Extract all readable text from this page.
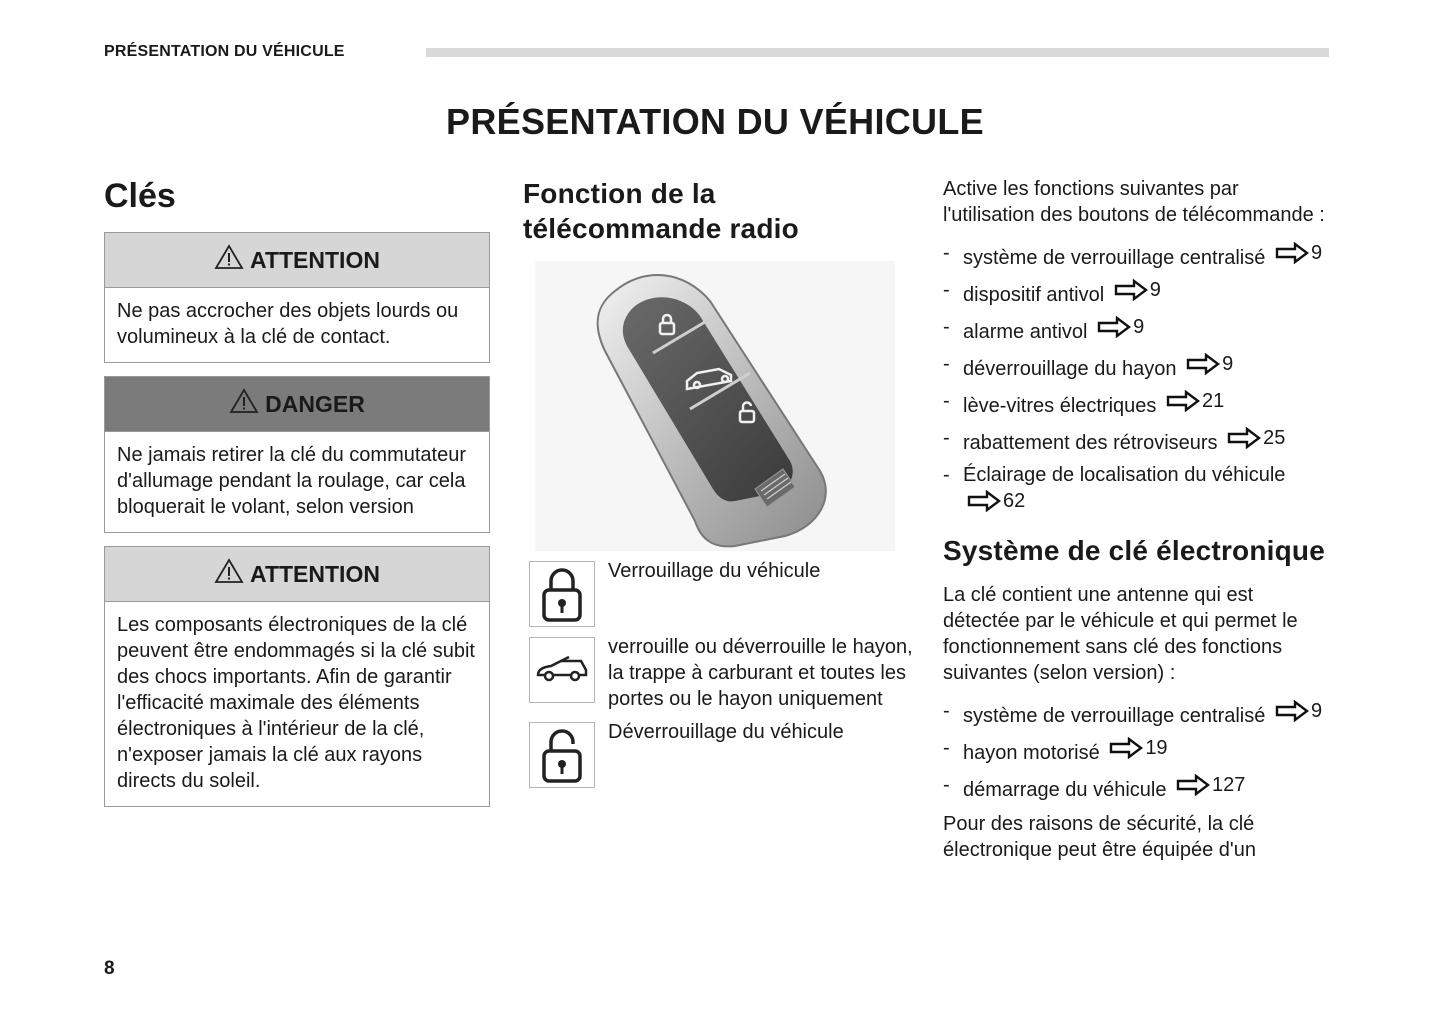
PRÉSENTATION DU VÉHICULE
PRÉSENTATION DU VÉHICULE
Clés
ATTENTION
Ne pas accrocher des objets lourds ou volumineux à la clé de contact.
DANGER
Ne jamais retirer la clé du commutateur d'allumage pendant la roulage, car cela bloquerait le volant, selon version
ATTENTION
Les composants électroniques de la clé peuvent être endommagés si la clé subit des chocs importants. Afin de garantir l'efficacité maximale des éléments électroniques à l'intérieur de la clé, n'exposer jamais la clé aux rayons directs du soleil.
Fonction de la télécommande radio
Verrouillage du véhicule
verrouille ou déverrouille le hayon, la trappe à carburant et toutes les portes ou le hayon uniquement
Déverrouillage du véhicule

Active les fonctions suivantes par l'utilisation des boutons de télécommande :

- système de verrouillage centralisé 9
- dispositif antivol 9
- alarme antivol 9
- déverrouillage du hayon 9
- lève-vitres électriques 21
- rabattement des rétroviseurs 25
- Éclairage de localisation du véhicule
62
Système de clé électronique

La clé contient une antenne qui est détectée par le véhicule et qui permet le fonctionnement sans clé des fonctions suivantes (selon version) :

- système de verrouillage centralisé 9
- hayon motorisé 19
- démarrage du véhicule 127

Pour des raisons de sécurité, la clé électronique peut être équipée d'un

8
